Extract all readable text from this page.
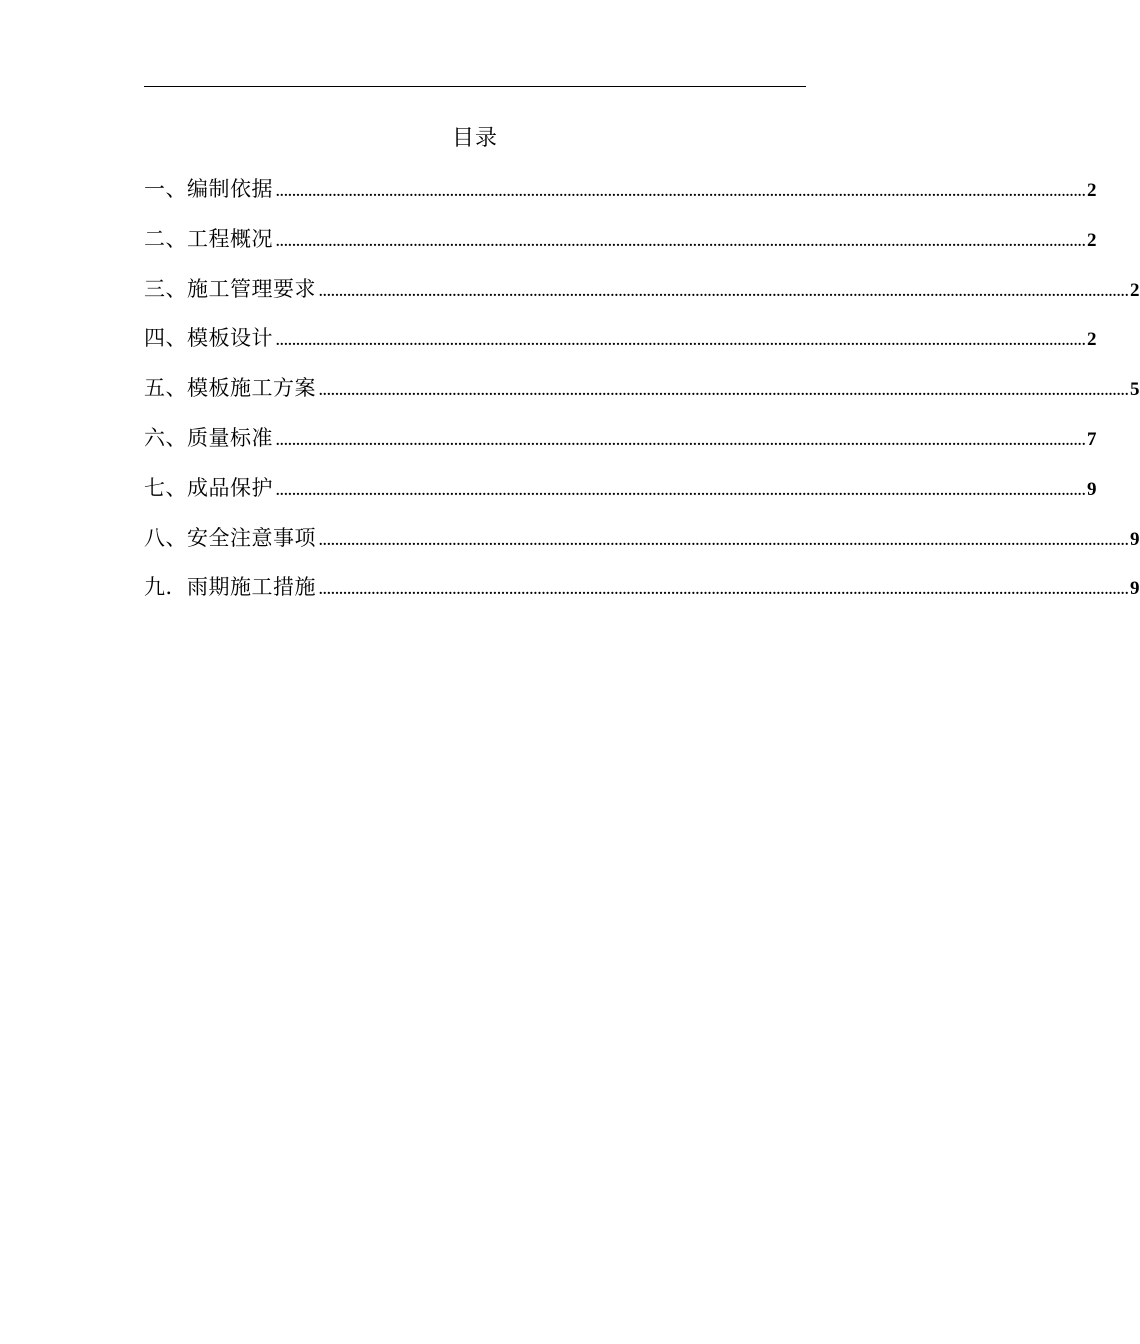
目录
一、编制依据 ........................................................................................................................................................................................................ 2
二、工程概况 ........................................................................................................................................................................................................ 2
三、施工管理要求 ........................................................................................................................................................................................................ 2
四、模板设计 ........................................................................................................................................................................................................ 2
五、模板施工方案 ........................................................................................................................................................................................................ 5
六、质量标准 ........................................................................................................................................................................................................ 7
七、成品保护 ........................................................................................................................................................................................................ 9
八、安全注意事项 ........................................................................................................................................................................................................ 9
九．雨期施工措施 ........................................................................................................................................................................................................ 9
